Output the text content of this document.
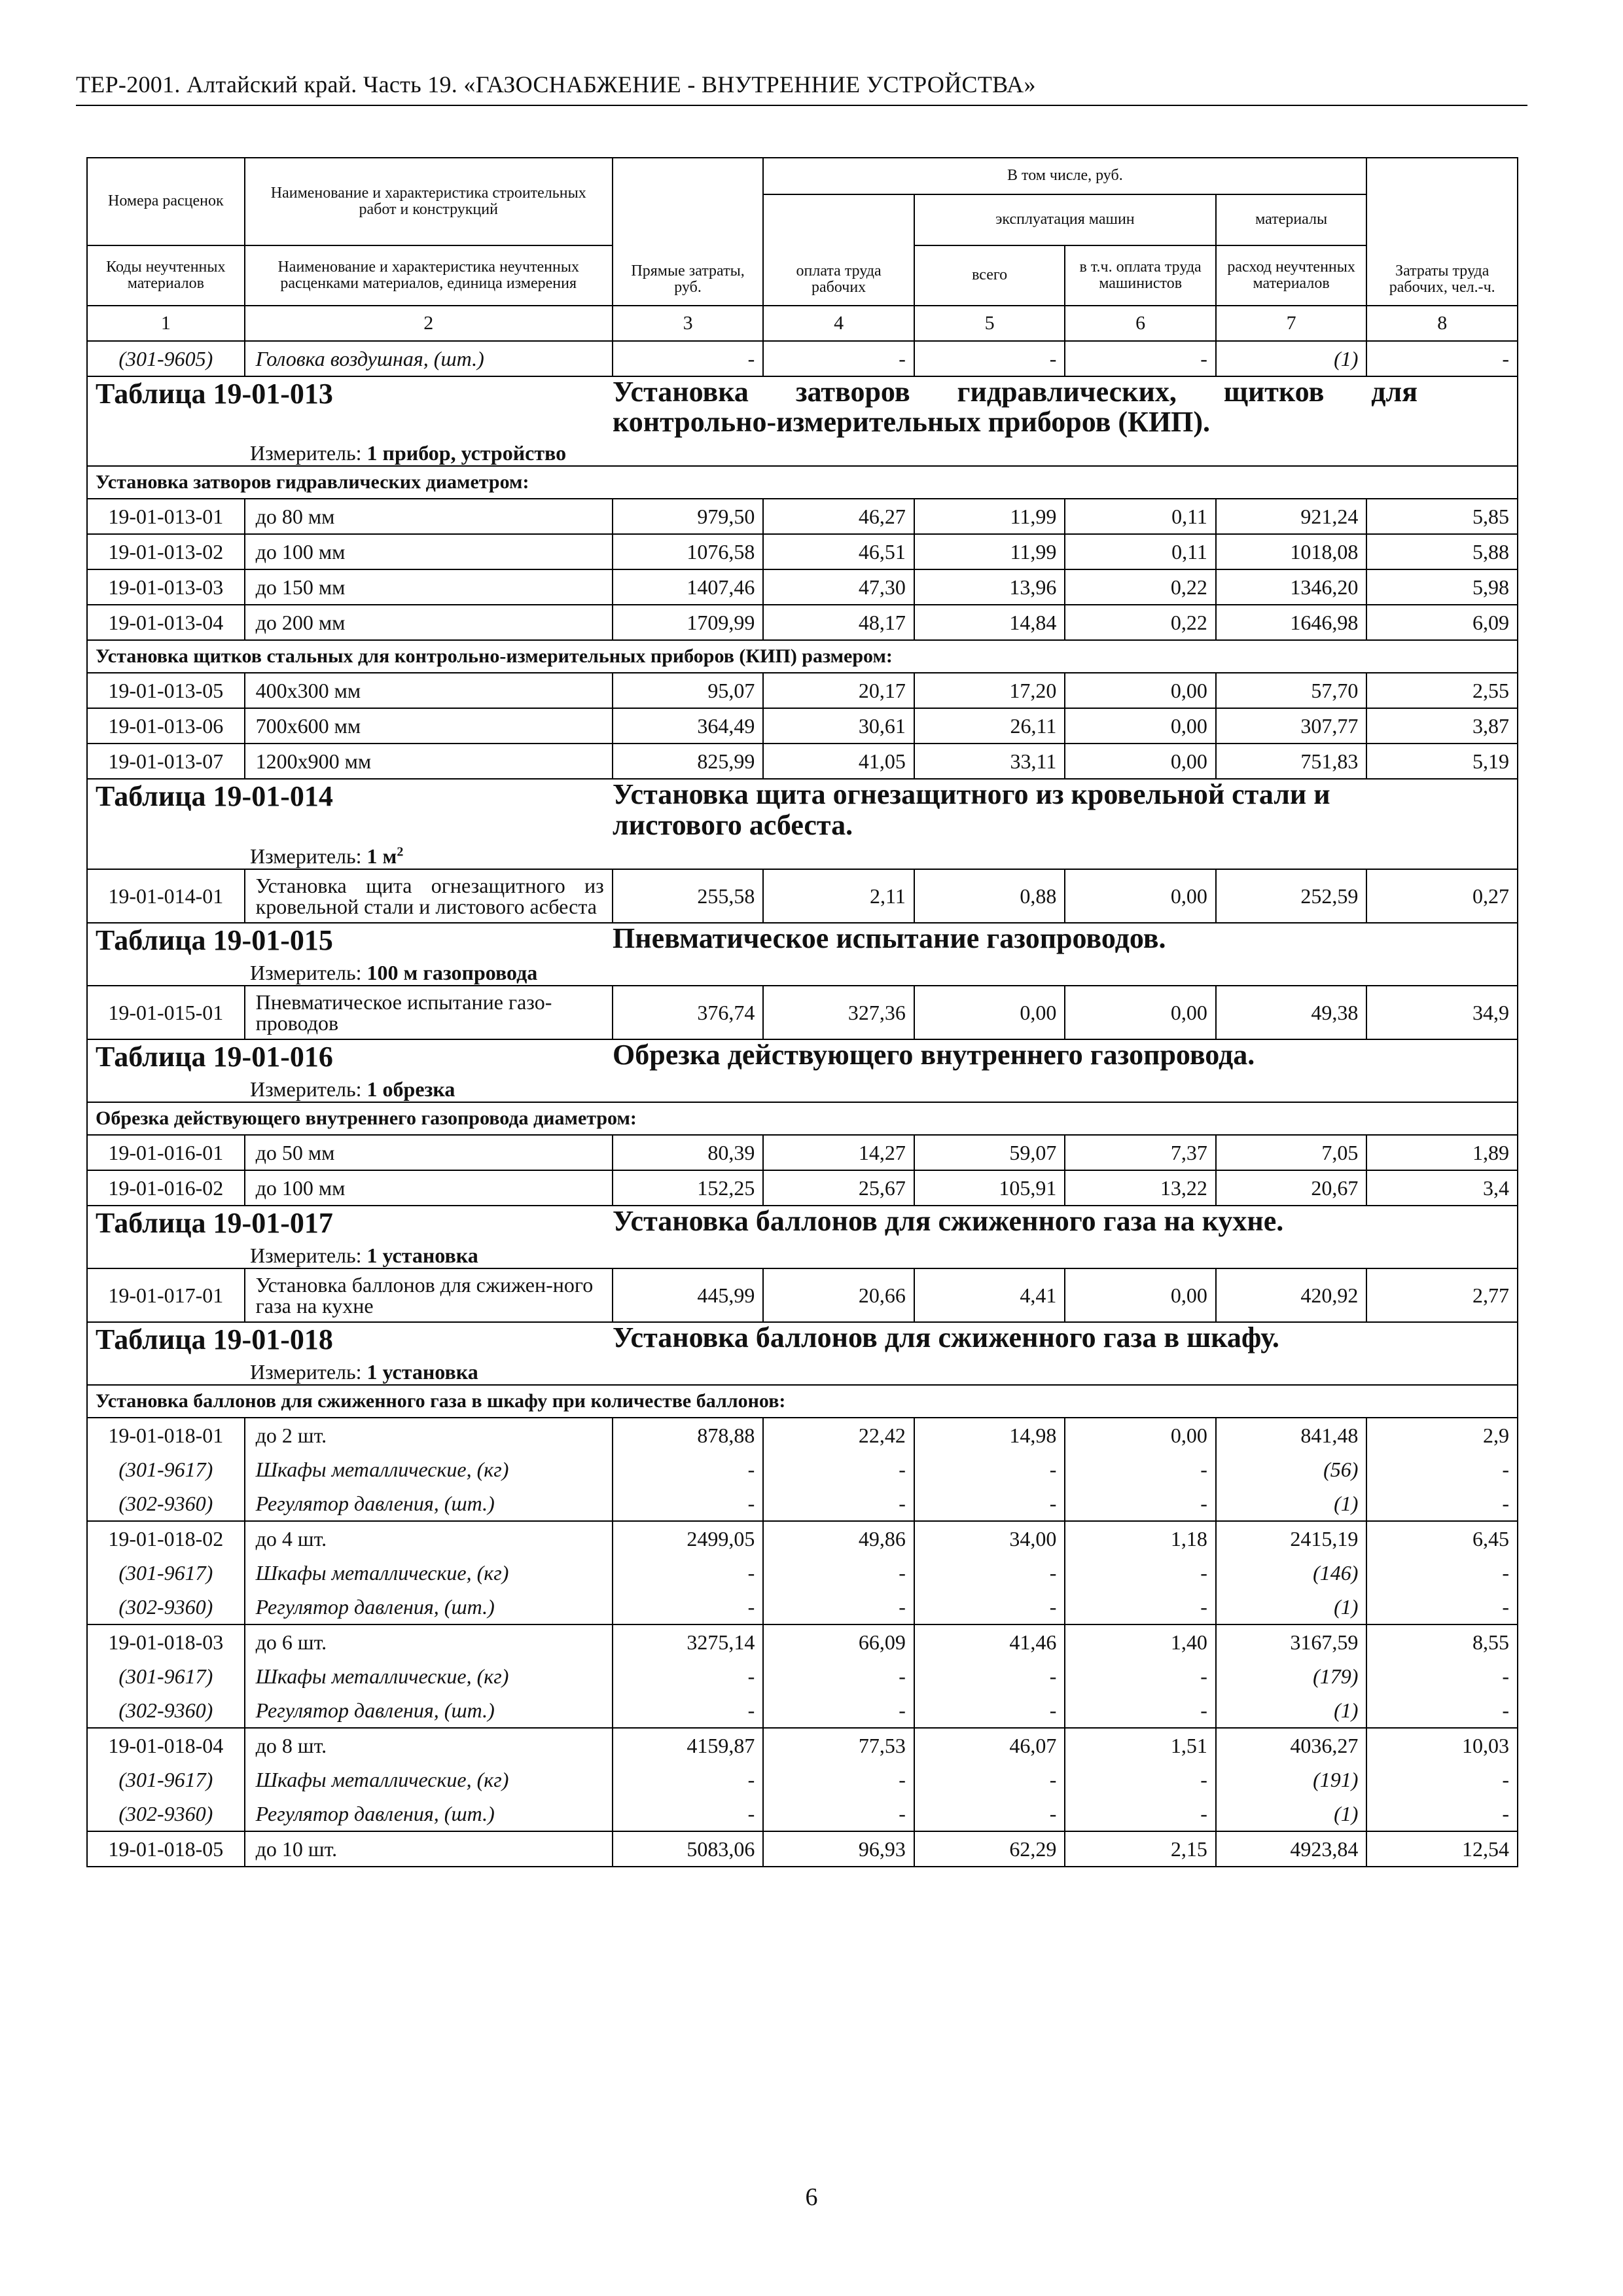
ТЕР-2001. Алтайский край. Часть 19. «ГАЗОСНАБЖЕНИЕ - ВНУТРЕННИЕ УСТРОЙСТВА»
Номера расценок	Наименование и характеристика строительных работ и конструкций	Прямые затраты, руб.	В том числе, руб.				Затраты труда рабочих, чел.-ч.
			оплата труда рабочих	эксплуатация машин		материалы	
Коды неучтенных материалов	Наименование и характеристика неучтенных расценками материалов, единица измерения			всего	в т.ч. оплата труда машинистов	расход неучтенных материалов	
1	2	3	4	5	6	7	8
(301-9605)	Головка воздушная, (шт.)	-	-	-	-	(1)	-
Таблица 19-01-013 Установка затворов гидравлических, щитков для контрольно-измерительных приборов (КИП).
Измеритель: 1 прибор, устройство							

Установка затворов гидравлических диаметром:							
19-01-013-01	до 80 мм	979,50	46,27	11,99	0,11	921,24	5,85
19-01-013-02	до 100 мм	1076,58	46,51	11,99	0,11	1018,08	5,88
19-01-013-03	до 150 мм	1407,46	47,30	13,96	0,22	1346,20	5,98
19-01-013-04	до 200 мм	1709,99	48,17	14,84	0,22	1646,98	6,09
Установка щитков стальных для контрольно-измерительных приборов (КИП) размером:							
19-01-013-05	400х300 мм	95,07	20,17	17,20	0,00	57,70	2,55
19-01-013-06	700х600 мм	364,49	30,61	26,11	0,00	307,77	3,87
19-01-013-07	1200х900 мм	825,99	41,05	33,11	0,00	751,83	5,19
Таблица 19-01-014 Установка щита огнезащитного из кровельной стали и листового асбеста.
Измеритель: 1 $м^2$

19-01-014-01	Установка щита огнезащитного из кровельной стали и листового асбеста	255,58	2,11	0,88	0,00	252,59	0,27
Таблица 19-01-015 Пневматическое испытание газопроводов.
Измеритель: 100 м газопровода							

19-01-015-01	Пневматическое испытание газо-проводов	376,74	327,36	0,00	0,00	49,38	34,9
Таблица 19-01-016 Обрезка действующего внутреннего газопровода.
Измеритель: 1 обрезка							

Обрезка действующего внутреннего газопровода диаметром:							
19-01-016-01	до 50 мм	80,39	14,27	59,07	7,37	7,05	1,89
19-01-016-02	до 100 мм	152,25	25,67	105,91	13,22	20,67	3,4
Таблица 19-01-017 Установка баллонов для сжиженного газа на кухне.
Измеритель: 1 установка							

19-01-017-01	Установка баллонов для сжижен-ного газа на кухне	445,99	20,66	4,41	0,00	420,92	2,77
Таблица 19-01-018 Установка баллонов для сжиженного газа в шкафу.
Измеритель: 1 установка							

Установка баллонов для сжиженного газа в шкафу при количестве баллонов:							
19-01-018-01	до 2 шт.	878,88	22,42	14,98	0,00	841,48	2,9
(301-9617)	Шкафы металлические, (кг)	-	-	-	-	(56)	-
(302-9360)	Регулятор давления, (шт.)	-	-	-	-	(1)	-
19-01-018-02	до 4 шт.	2499,05	49,86	34,00	1,18	2415,19	6,45
(301-9617)	Шкафы металлические, (кг)	-	-	-	-	(146)	-
(302-9360)	Регулятор давления, (шт.)	-	-	-	-	(1)	-
19-01-018-03	до 6 шт.	3275,14	66,09	41,46	1,40	3167,59	8,55
(301-9617)	Шкафы металлические, (кг)	-	-	-	-	(179)	-
(302-9360)	Регулятор давления, (шт.)	-	-	-	-	(1)	-
19-01-018-04	до 8 шт.	4159,87	77,53	46,07	1,51	4036,27	10,03
(301-9617)	Шкафы металлические, (кг)	-	-	-	-	(191)	-
(302-9360)	Регулятор давления, (шт.)	-	-	-	-	(1)	-
19-01-018-05	до 10 шт.	5083,06	96,93	62,29	2,15	4923,84	12,54
6
